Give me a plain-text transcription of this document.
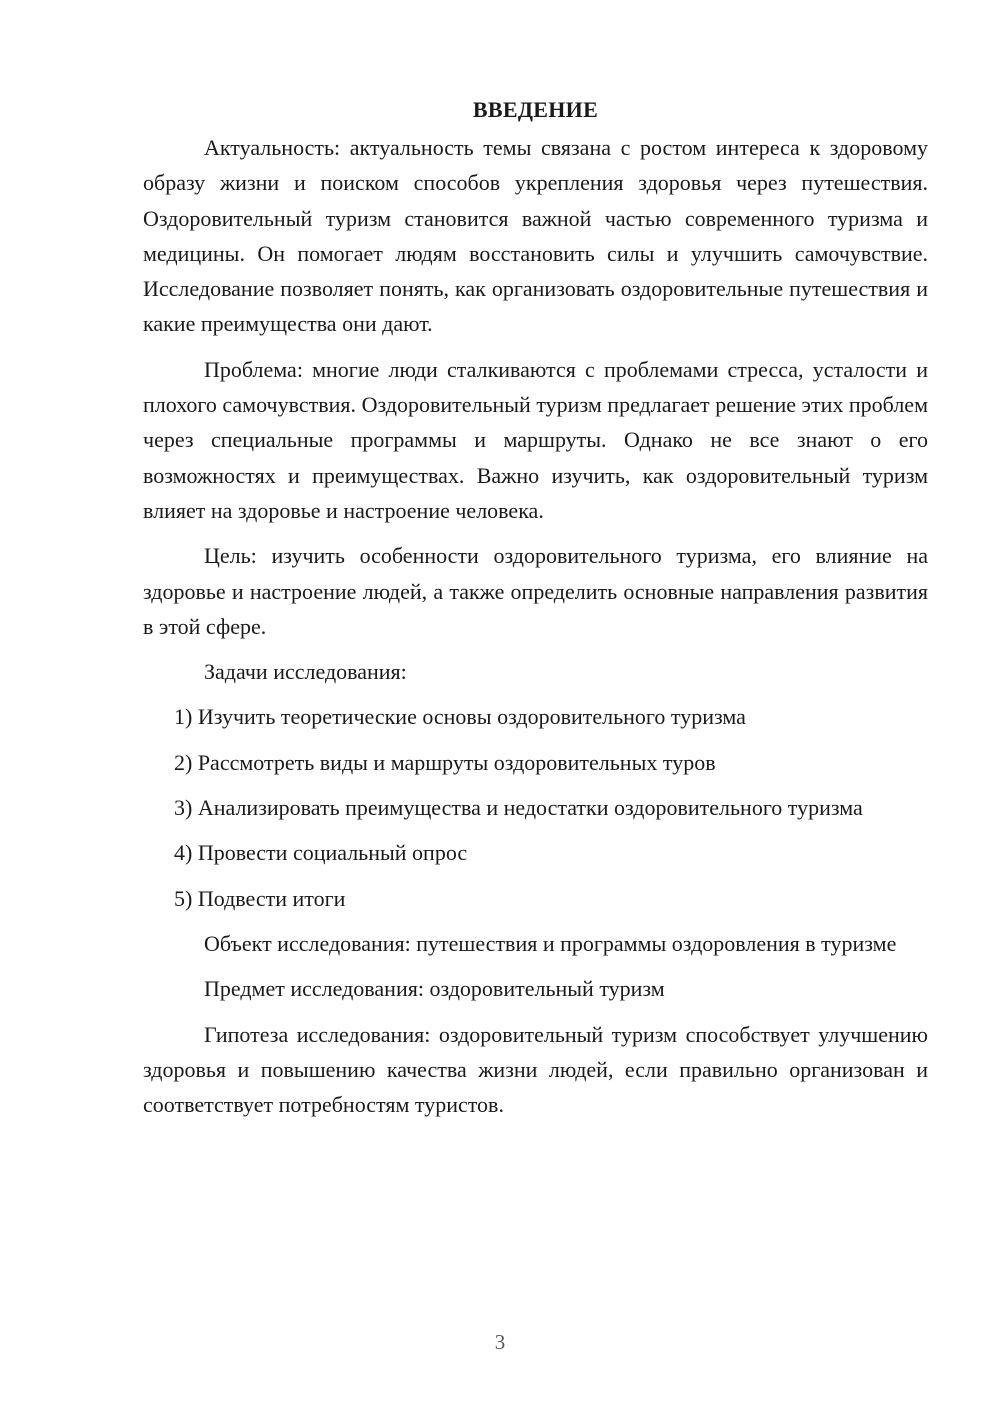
ВВЕДЕНИЕ

Актуальность: актуальность темы связана с ростом интереса к здоровому образу жизни и поиском способов укрепления здоровья через путешествия. Оздоровительный туризм становится важной частью современного туризма и медицины. Он помогает людям восстановить силы и улучшить самочувствие. Исследование позволяет понять, как организовать оздоровительные путешествия и какие преимущества они дают.

Проблема: многие люди сталкиваются с проблемами стресса, усталости и плохого самочувствия. Оздоровительный туризм предлагает решение этих проблем через специальные программы и маршруты. Однако не все знают о его возможностях и преимуществах. Важно изучить, как оздоровительный туризм влияет на здоровье и настроение человека.

Цель: изучить особенности оздоровительного туризма, его влияние на здоровье и настроение людей, а также определить основные направления развития в этой сфере.

Задачи исследования:

1) Изучить теоретические основы оздоровительного туризма

2) Рассмотреть виды и маршруты оздоровительных туров

3) Анализировать преимущества и недостатки оздоровительного туризма

4) Провести социальный опрос

5) Подвести итоги

Объект исследования: путешествия и программы оздоровления в туризме

Предмет исследования: оздоровительный туризм

Гипотеза исследования: оздоровительный туризм способствует улучшению здоровья и повышению качества жизни людей, если правильно организован и соответствует потребностям туристов.

3
